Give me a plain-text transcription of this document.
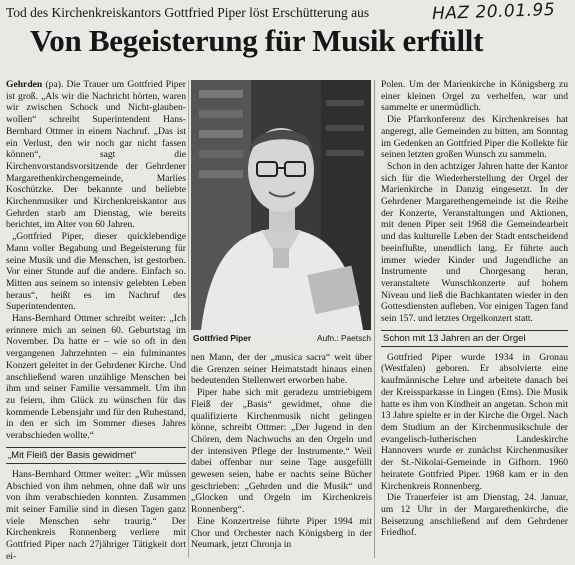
Tod des Kirchenkreiskantors Gottfried Piper löst Erschütterung aus	HAZ 20.01.95
Von Begeisterung für Musik erfüllt

Gehrden (pa). Die Trauer um Gottfried Piper ist groß. „Als wir die Nachricht hörten, waren wir zwischen Schock und Nicht-glauben-wollen“ schreibt Superintendent Hans-Bernhard Ottmer in einem Nachruf. „Das ist ein Verlust, den wir noch gar nicht fassen können“, sagt die Kirchenvorstandsvorsitzende der Gehrdener Margarethenkirchengemeinde, Marlies Koschützke. Der bekannte und beliebte Kirchenmusiker und Kirchenkreiskantor aus Gehrden starb am Dienstag, wie bereits berichtet, im Alter von 60 Jahren.

„Gottfried Piper, dieser quicklebendige Mann voller Begabung und Begeisterung für seine Musik und die Menschen, ist gestorben. Vor einer Stunde auf die andere. Einfach so. Mitten aus seinem so intensiv gelebten Leben heraus“, heißt es im Nachruf des Superintendenten.

Hans-Bernhard Ottmer schreibt weiter: „Ich erinnere mich an seinen 60. Geburtstag im November. Da hatte er – wie so oft in den vergangenen Jahrzehnten – ein fulminantes Konzert geleitet in der Gehrdener Kirche. Und anschließend waren unzählige Menschen bei ihm und seiner Familie versammelt. Um ihn zu feiern, ihm Glück zu wünschen für das kommende Lebensjahr und für den Ruhestand, in den er sich im Sommer dieses Jahres verabschieden wollte.“

„Mit Fleiß der Basis gewidmet“

Hans-Bernhard Ottmer weiter: „Wir müssen Abschied von ihm nehmen, ohne daß wir uns von ihm verabschieden konnten. Zusammen mit seiner Familie sind in diesen Tagen ganz viele Menschen sehr traurig.“ Der Kirchenkreis Ronnenberg verliere mit Gottfried Piper nach 27jähriger Tätigkeit dort ei-

Gottfried Piper	Aufn.: Paetsch

nen Mann, der der „musica sacra“ weit über die Grenzen seiner Heimatstadt hinaus einen bedeutenden Stellenwert erworben habe.

Piper habe sich mit geradezu umtriebigem Fleiß der „Basis“ gewidmet, ohne die qualifizierte Kirchenmusik nicht gelingen könne, schreibt Ottmer: „Der Jugend in den Chören, dem Nachwuchs an den Orgeln und der intensiven Pflege der Instrumente.“ Weil dabei offenbar nur seine Tage ausgefüllt gewesen seien, habe er nachts seine Bücher geschrieben: „Gehrden und die Musik“ und „Glocken und Orgeln im Kirchenkreis Ronnenberg“.

Eine Konzertreise führte Piper 1994 mit Chor und Orchester nach Königsberg in der Neumark, jetzt Chronja in

Polen. Um der Marienkirche in Königsberg zu einer kleinen Orgel zu verhelfen, war und sammelte er unermüdlich.

Die Pfarrkonferenz des Kirchenkreises hat angeregt, alle Gemeinden zu bitten, am Sonntag im Gedenken an Gottfried Piper die Kollekte für seinen letzten großen Wunsch zu sammeln.

Schon in den achtziger Jahren hatte der Kantor sich für die Wiederherstellung der Orgel der Marienkirche in Danzig eingesetzt. In der Gehrdener Margarethengemeinde ist die Reihe der Konzerte, Veranstaltungen und Aktionen, mit denen Piper seit 1968 die Gemeindearbeit und das kulturelle Leben der Stadt entscheidend beeinflußte, unendlich lang. Er führte auch immer wieder Kinder und Jugendliche an Instrumente und Chorgesang heran, veranstaltete Wunschkonzerte auf hohem Niveau und ließ die Bachkantaten wieder in den Gottesdiensten aufleben. Vor einigen Tagen fand sein 157. und letztes Orgelkonzert statt.

Schon mit 13 Jahren an der Orgel

Gottfried Piper wurde 1934 in Gronau (Westfalen) geboren. Er absolvierte eine kaufmännische Lehre und arbeitete danach bei der Kreissparkasse in Lingen (Ems). Die Musik hatte es ihm von Kindheit an angetan. Schon mit 13 Jahre spielte er in der Kirche die Orgel. Nach dem Studium an der Kirchenmusikschule der evangelisch-lutherischen Landeskirche Hannovers wurde er zunächst Kirchenmusiker der St.-Nikolai-Gemeinde in Gifhorn. 1960 heiratete Gottfried Piper. 1968 kam er in den Kirchenkreis Ronnenberg.

Die Trauerfeier ist am Dienstag, 24. Januar, um 12 Uhr in der Margarethenkirche, die Beisetzung anschließend auf dem Gehrdener Friedhof.
